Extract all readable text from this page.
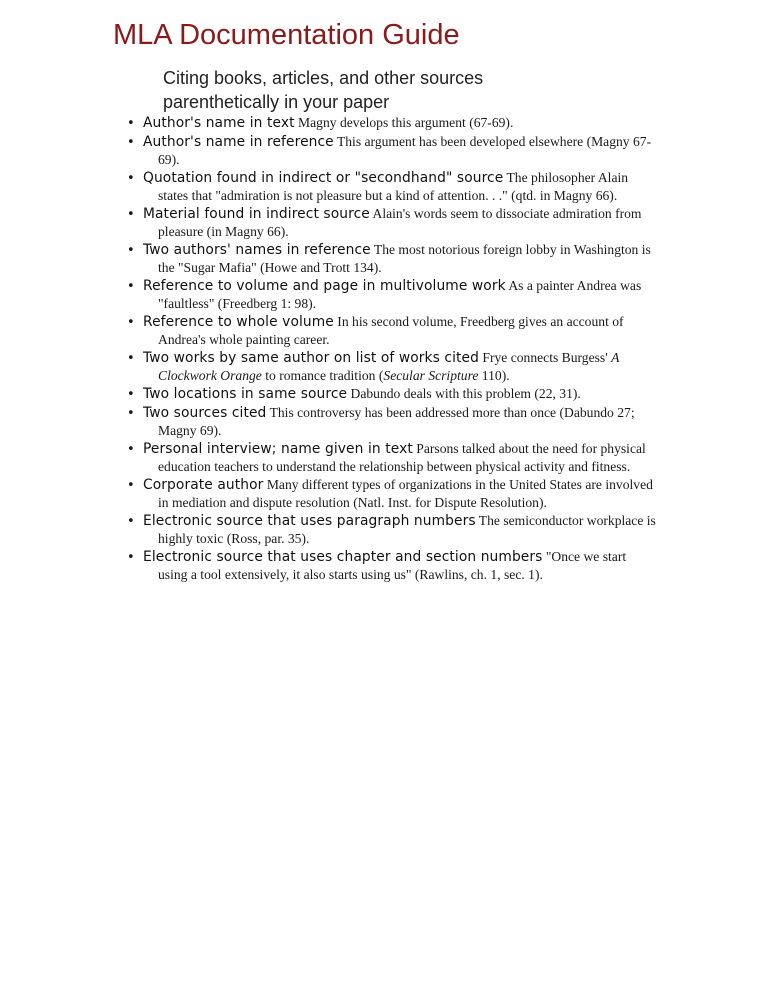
MLA Documentation Guide

Citing books, articles, and other sources parenthetically in your paper

• Author's name in text Magny develops this argument (67-69).
• Author's name in reference This argument has been developed elsewhere (Magny 67-69).
• Quotation found in indirect or "secondhand" source The philosopher Alain states that "admiration is not pleasure but a kind of attention. . ." (qtd. in Magny 66).
• Material found in indirect source Alain's words seem to dissociate admiration from pleasure (in Magny 66).
• Two authors' names in reference The most notorious foreign lobby in Washington is the "Sugar Mafia" (Howe and Trott 134).
• Reference to volume and page in multivolume work As a painter Andrea was "faultless" (Freedberg 1: 98).
• Reference to whole volume In his second volume, Freedberg gives an account of Andrea's whole painting career.
• Two works by same author on list of works cited Frye connects Burgess' A Clockwork Orange to romance tradition (Secular Scripture 110).
• Two locations in same source Dabundo deals with this problem (22, 31).
• Two sources cited This controversy has been addressed more than once (Dabundo 27; Magny 69).
• Personal interview; name given in text Parsons talked about the need for physical education teachers to understand the relationship between physical activity and fitness.
• Corporate author Many different types of organizations in the United States are involved in mediation and dispute resolution (Natl. Inst. for Dispute Resolution).
• Electronic source that uses paragraph numbers The semiconductor workplace is highly toxic (Ross, par. 35).
• Electronic source that uses chapter and section numbers "Once we start using a tool extensively, it also starts using us" (Rawlins, ch. 1, sec. 1).
